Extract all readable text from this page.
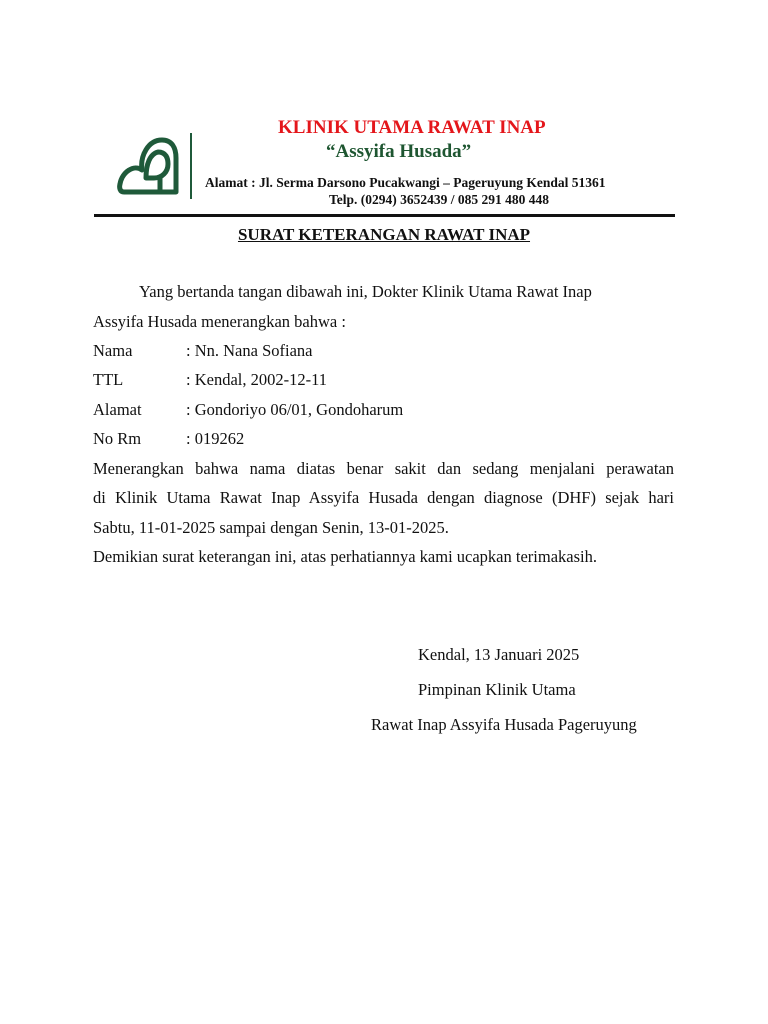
KLINIK UTAMA RAWAT INAP
“Assyifa Husada”
Alamat : Jl. Serma Darsono Pucakwangi – Pageruyung Kendal 51361
Telp. (0294) 3652439 / 085 291 480 448
SURAT KETERANGAN RAWAT INAP
Yang bertanda tangan dibawah ini, Dokter Klinik Utama Rawat Inap
Assyifa Husada menerangkan bahwa :
Nama	: Nn. Nana Sofiana
TTL	: Kendal, 2002-12-11
Alamat	: Gondoriyo 06/01, Gondoharum
No Rm	: 019262
Menerangkan bahwa nama diatas benar sakit dan sedang menjalani perawatan
di Klinik Utama Rawat Inap Assyifa Husada dengan diagnose (DHF) sejak hari
Sabtu, 11-01-2025 sampai dengan Senin, 13-01-2025.
Demikian surat keterangan ini, atas perhatiannya kami ucapkan terimakasih.
Kendal, 13 Januari 2025
Pimpinan Klinik Utama
Rawat Inap Assyifa Husada Pageruyung
